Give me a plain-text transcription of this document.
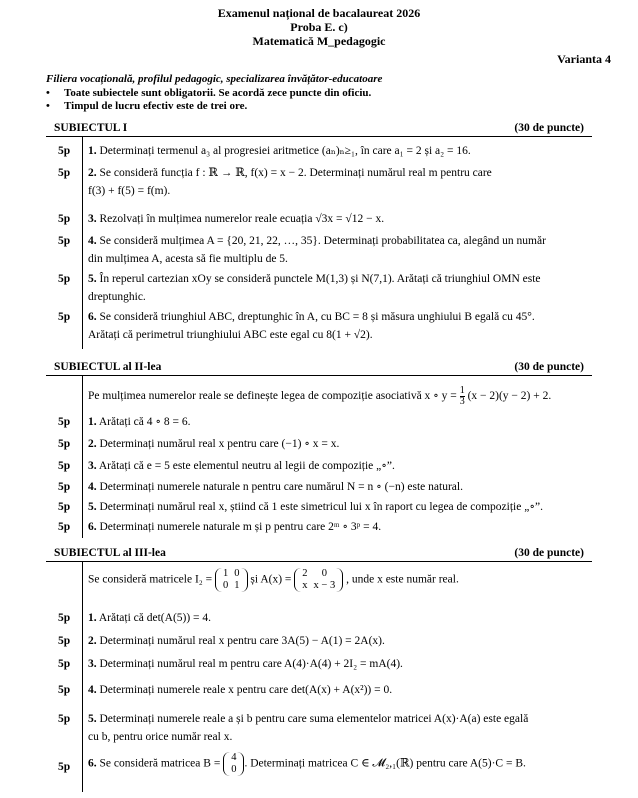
Examenul național de bacalaureat 2026
Proba E. c)
Matematică M_pedagogic
Varianta 4
Filiera vocațională, profilul pedagogic, specializarea învățător-educatoare
• Toate subiectele sunt obligatorii. Se acordă zece puncte din oficiu.
• Timpul de lucru efectiv este de trei ore.
SUBIECTUL I	(30 de puncte)
5p 1. Determinați termenul a₃ al progresiei aritmetice (aₙ)ₙ≥₁, în care a₁ = 2 și a₂ = 16.
5p 2. Se consideră funcția f : ℝ → ℝ, f(x) = x − 2. Determinați numărul real m pentru care
f(3) + f(5) = f(m).
5p 3. Rezolvați în mulțimea numerelor reale ecuația √3x = √12 − x.
5p 4. Se consideră mulțimea A = {20, 21, 22, …, 35}. Determinați probabilitatea ca, alegând un număr
din mulțimea A, acesta să fie multiplu de 5.
5p 5. În reperul cartezian xOy se consideră punctele M(1,3) și N(7,1). Arătați că triunghiul OMN este
dreptunghic.
5p 6. Se consideră triunghiul ABC, dreptunghic în A, cu BC = 8 și măsura unghiului B egală cu 45°.
Arătați că perimetrul triunghiului ABC este egal cu 8(1 + √2).
SUBIECTUL al II-lea	(30 de puncte)
Pe mulțimea numerelor reale se definește legea de compoziție asociativă x ∘ $y = \frac{1}{3} (x - 2)(y - 2) + 2$.
5p 1. Arătați că 4 ∘ 8 = 6.
5p 2. Determinați numărul real x pentru care (−1) ∘ x = x.
5p 3. Arătați că e = 5 este elementul neutru al legii de compoziție „∘”.
5p 4. Determinați numerele naturale n pentru care numărul N = n ∘ (−n) este natural.
5p 5. Determinați numărul real x, știind că 1 este simetricul lui x în raport cu legea de compoziție „∘”.
5p 6. Determinați numerele naturale m și p pentru care 2ᵐ ∘ 3ᵖ = 4.
SUBIECTUL al III-lea	(30 de puncte)
Se consideră matricele I₂ =
1	0
0	1 și A(x) =
2	0
x	x − 3 , unde x este număr real.
5p 1. Arătați că det(A(5)) = 4.
5p 2. Determinați numărul real x pentru care 3A(5) − A(1) = 2A(x).
5p 3. Determinați numărul real m pentru care A(4)·A(4) + 2I₂ = mA(4).
5p 4. Determinați numerele reale x pentru care det(A(x) + A(x²)) = 0.
5p 5. Determinați numerele reale a și b pentru care suma elementelor matricei A(x)·A(a) este egală
cu b, pentru orice număr real x.
5p 6. Se consideră matricea B =
4
0 . Determinați matricea C ∈ 𝓜₂,₁(ℝ) pentru care A(5)·C = B.
